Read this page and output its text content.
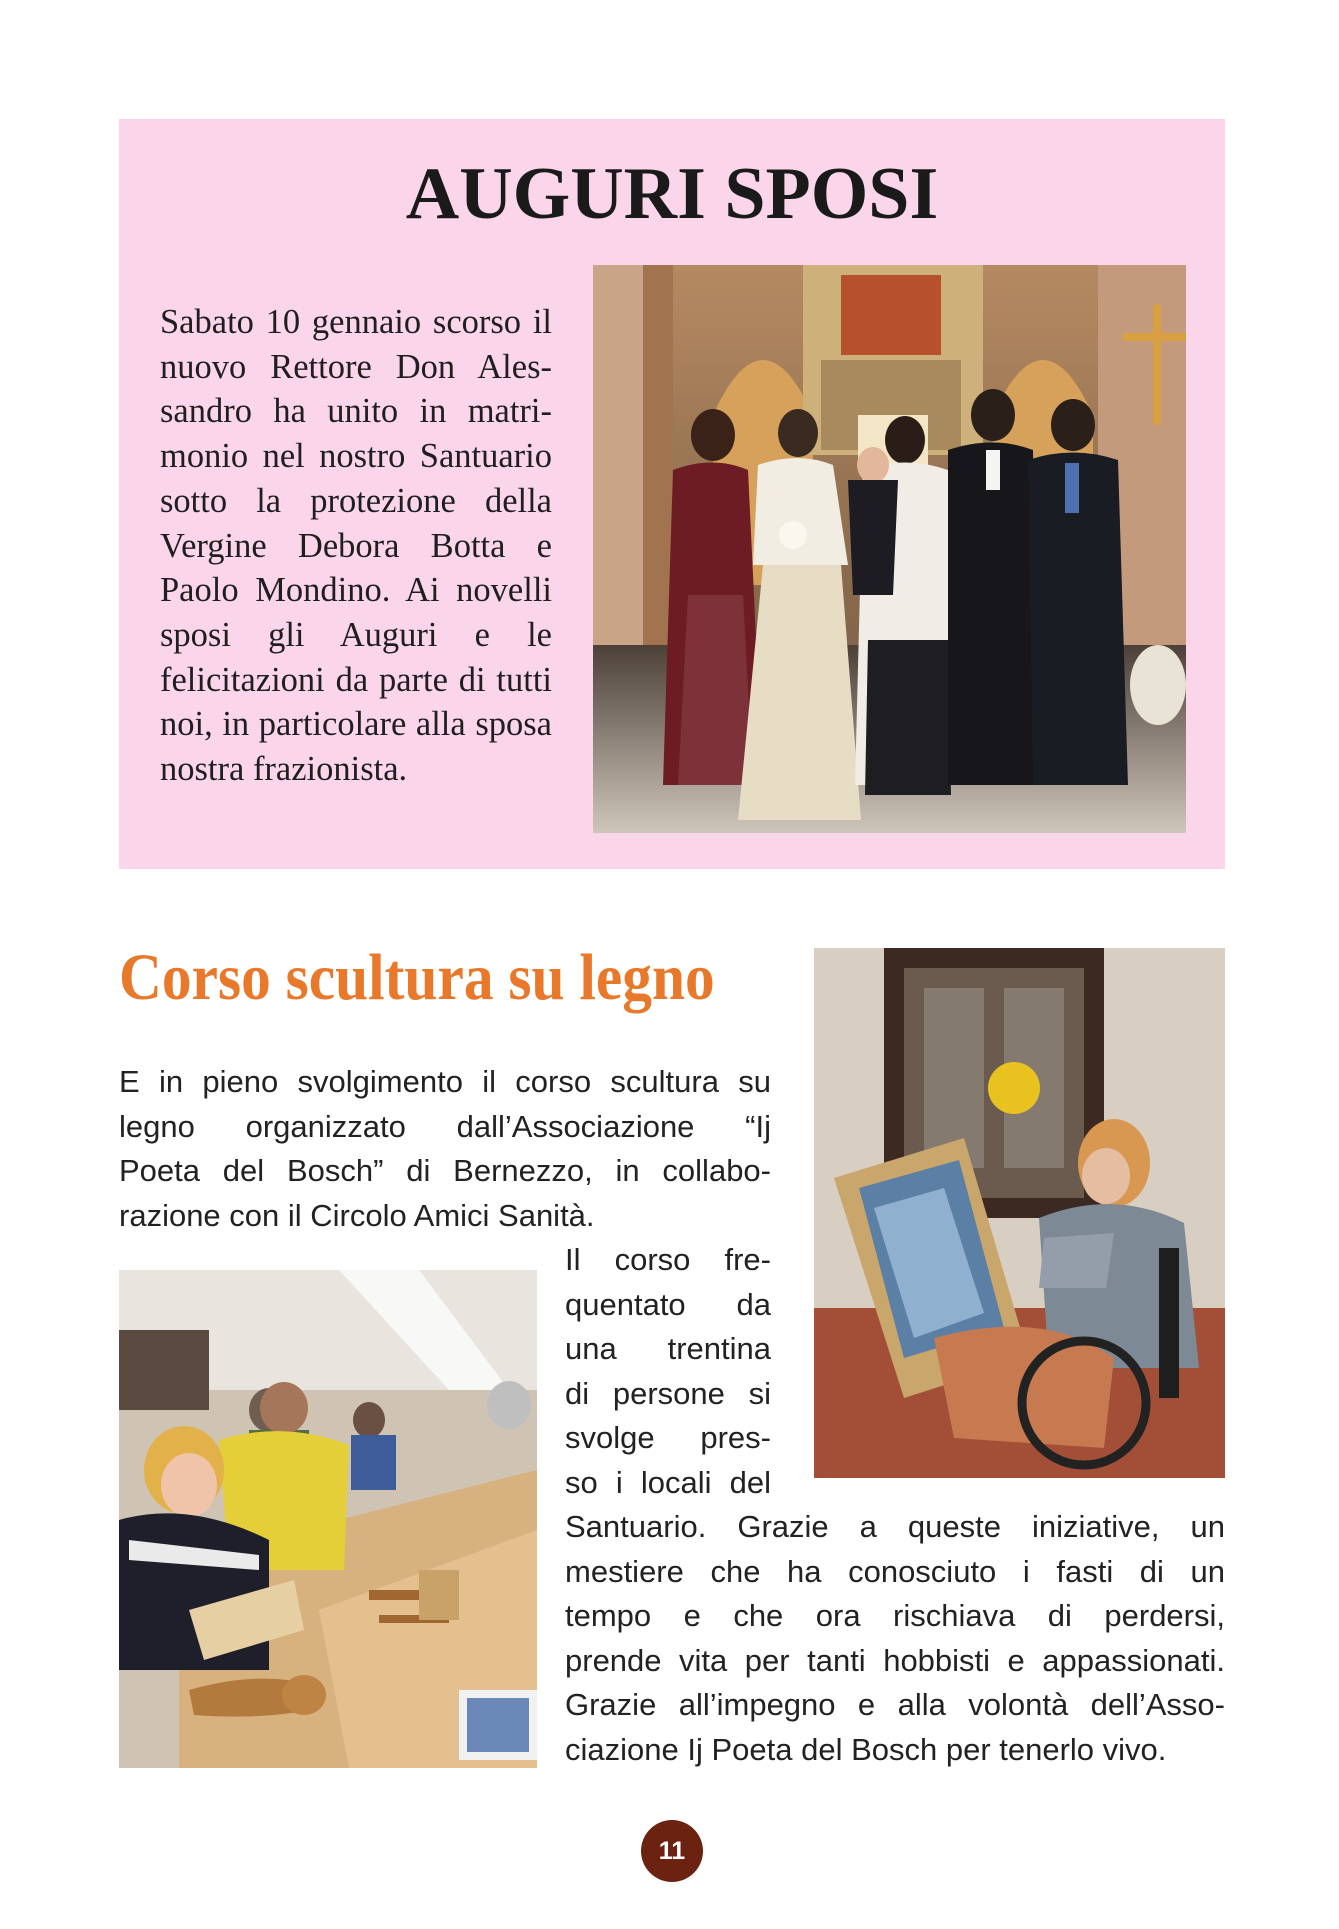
AUGURI SPOSI

Sabato 10 gennaio scorso il nuovo Rettore Don Ales- sandro ha unito in matri- monio nel nostro Santuario sotto la protezione della Vergine Debora Botta e Paolo Mondino. Ai novelli sposi gli Auguri e le felicitazioni da parte di tutti noi, in particolare alla sposa nostra frazionista.

Corso scultura su legno
E in pieno svolgimento il corso scultura su
legno organizzato dall’Associazione “Ij
Poeta del Bosch” di Bernezzo, in collabo-
razione con il Circolo Amici Sanità.
Il corso fre-
quentato da
una trentina
di persone si
svolge pres-
so i locali del
Santuario. Grazie a queste iniziative, un
mestiere che ha conosciuto i fasti di un
tempo e che ora rischiava di perdersi,
prende vita per tanti hobbisti e appassionati.
Grazie all’impegno e alla volontà dell’Asso-
ciazione Ij Poeta del Bosch per tenerlo vivo.
11
